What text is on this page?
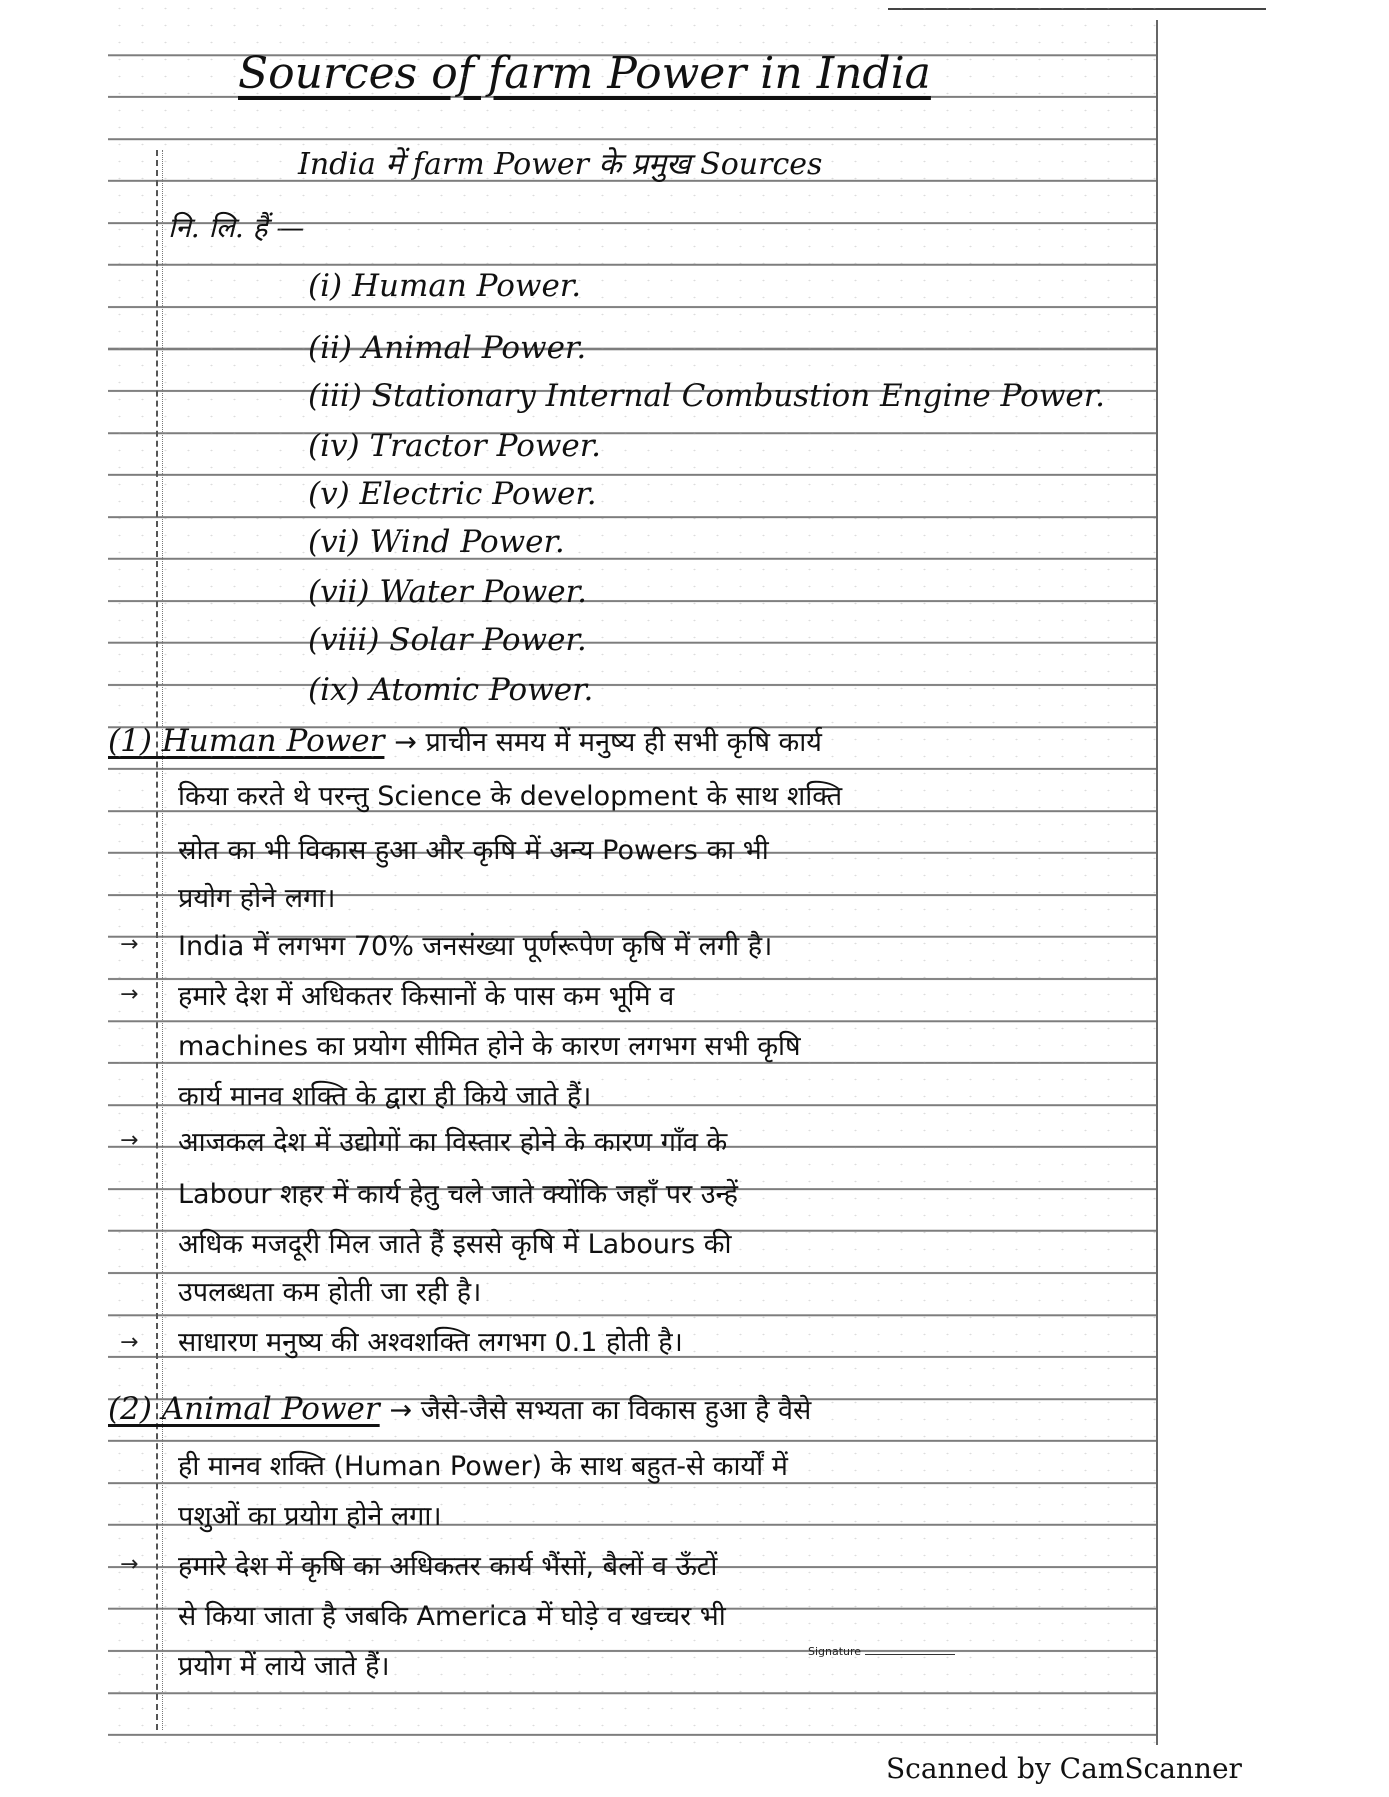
Sources of farm Power in India
India में farm Power के प्रमुख Sources
नि. लि. हैं —
(i) Human Power.
(ii) Animal Power.
(iii) Stationary Internal Combustion Engine Power.
(iv) Tractor Power.
(v) Electric Power.
(vi) Wind Power.
(vii) Water Power.
(viii) Solar Power.
(ix) Atomic Power.
(1) Human Power → प्राचीन समय में मनुष्य ही सभी कृषि कार्य
किया करते थे परन्तु Science के development के साथ शक्ति
स्रोत का भी विकास हुआ और कृषि में अन्य Powers का भी
प्रयोग होने लगा।
→ India में लगभग 70% जनसंख्या पूर्णरूपेण कृषि में लगी है।
→ हमारे देश में अधिकतर किसानों के पास कम भूमि व
machines का प्रयोग सीमित होने के कारण लगभग सभी कृषि
कार्य मानव शक्ति के द्वारा ही किये जाते हैं।
→ आजकल देश में उद्योगों का विस्तार होने के कारण गाँव के
Labour शहर में कार्य हेतु चले जाते क्योंकि जहाँ पर उन्हें
अधिक मजदूरी मिल जाते हैं इससे कृषि में Labours की
उपलब्धता कम होती जा रही है।
→ साधारण मनुष्य की अश्वशक्ति लगभग 0.1 होती है।
(2) Animal Power → जैसे-जैसे सभ्यता का विकास हुआ है वैसे
ही मानव शक्ति (Human Power) के साथ बहुत-से कार्यों में
पशुओं का प्रयोग होने लगा।
→ हमारे देश में कृषि का अधिकतर कार्य भैंसों, बैलों व ऊँटों
से किया जाता है जबकि America में घोड़े व खच्चर भी
प्रयोग में लाये जाते हैं।	Signature
Scanned by CamScanner
